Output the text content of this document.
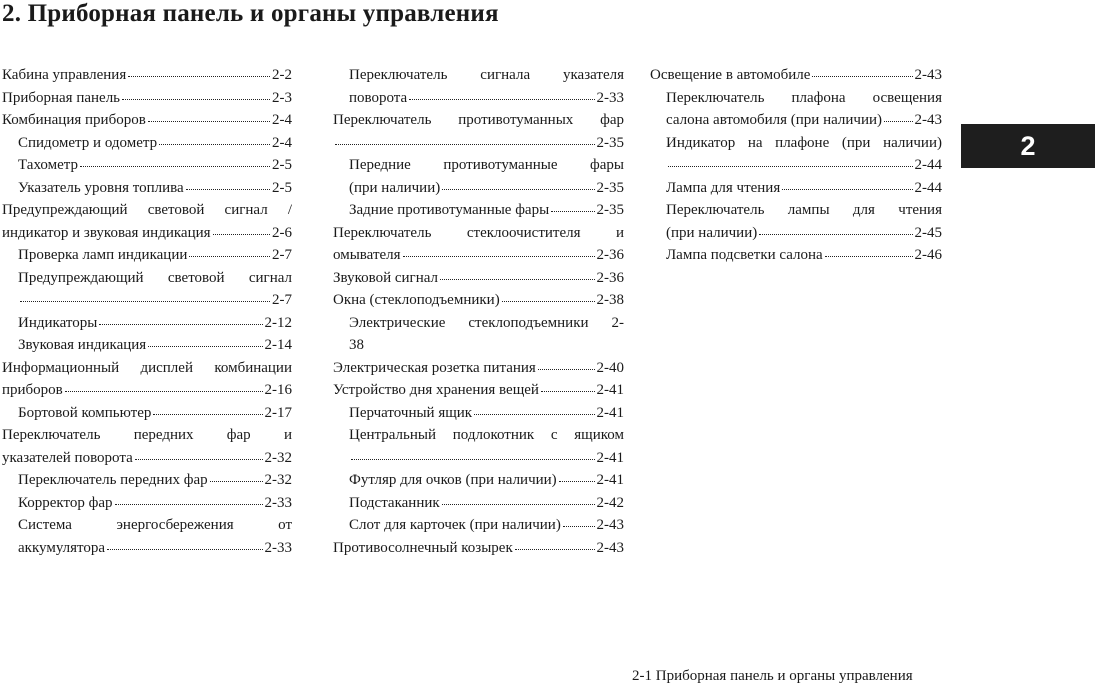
2. Приборная панель и органы управления
Кабина управления	2-2
Приборная панель	2-3
Комбинация приборов	2-4
Спидометр и одометр	2-4
Тахометр	2-5
Указатель уровня топлива	2-5
Предупреждающий световой сигнал /
индикатор и звуковая индикация	2-6
Проверка ламп индикации	2-7
Предупреждающий световой сигнал
2-7
Индикаторы	2-12
Звуковая индикация	2-14
Информационный дисплей комбинации
приборов	2-16
Бортовой компьютер	2-17
Переключатель передних фар и
указателей поворота	2-32
Переключатель передних фар	2-32
Корректор фар	2-33
Система энергосбережения от
аккумулятора	2-33
Переключатель сигнала указателя
поворота	2-33
Переключатель противотуманных фар
2-35
Передние противотуманные фары
(при наличии)	2-35
Задние противотуманные фары	2-35
Переключатель стеклоочистителя и
омывателя	2-36
Звуковой сигнал	2-36
Окна (стеклоподъемники)	2-38
Электрические стеклоподъемники 2-
38
Электрическая розетка питания	2-40
Устройство дня хранения вещей	2-41
Перчаточный ящик	2-41
Центральный подлокотник с ящиком
2-41
Футляр для очков (при наличии)	2-41
Подстаканник	2-42
Слот для карточек (при наличии) 2-43
Противосолнечный козырек	2-43
Освещение в автомобиле	2-43
Переключатель плафона освещения
салона автомобиля (при наличии) 2-43
Индикатор на плафоне (при наличии)
2-44
Лампа для чтения	2-44
Переключатель лампы для чтения
(при наличии)	2-45
Лампа подсветки салона	2-46
2
2-1 Приборная панель и органы управления
